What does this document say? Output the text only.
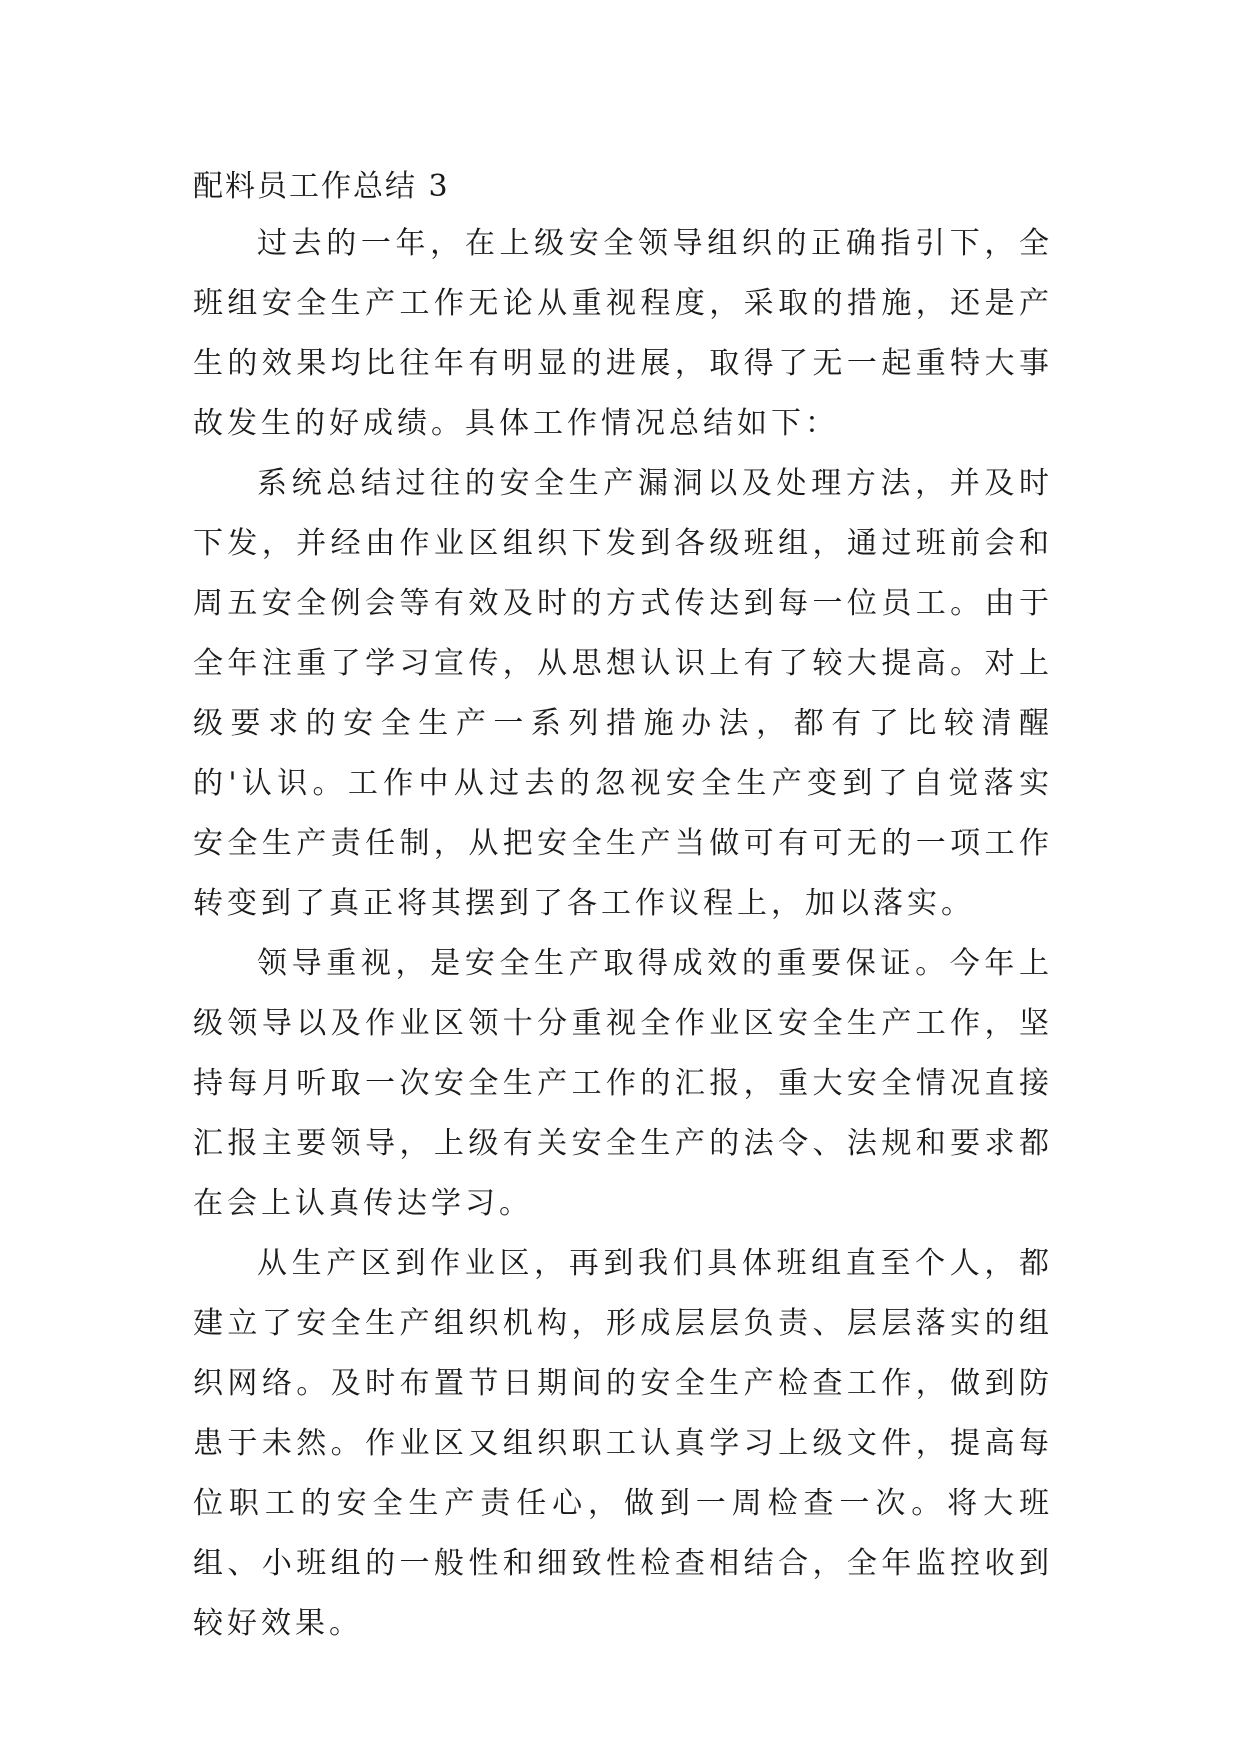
配料员工作总结 3

过去的一年，在上级安全领导组织的正确指引下，全班组安全生产工作无论从重视程度，采取的措施，还是产生的效果均比往年有明显的进展，取得了无一起重特大事故发生的好成绩。具体工作情况总结如下：

系统总结过往的安全生产漏洞以及处理方法，并及时下发，并经由作业区组织下发到各级班组，通过班前会和周五安全例会等有效及时的方式传达到每一位员工。由于全年注重了学习宣传，从思想认识上有了较大提高。对上级要求的安全生产一系列措施办法，都有了比较清醒的'认识。工作中从过去的忽视安全生产变到了自觉落实安全生产责任制，从把安全生产当做可有可无的一项工作转变到了真正将其摆到了各工作议程上，加以落实。

领导重视，是安全生产取得成效的重要保证。今年上级领导以及作业区领十分重视全作业区安全生产工作，坚持每月听取一次安全生产工作的汇报，重大安全情况直接汇报主要领导，上级有关安全生产的法令、法规和要求都在会上认真传达学习。

从生产区到作业区，再到我们具体班组直至个人，都建立了安全生产组织机构，形成层层负责、层层落实的组织网络。及时布置节日期间的安全生产检查工作，做到防患于未然。作业区又组织职工认真学习上级文件，提高每位职工的安全生产责任心，做到一周检查一次。将大班组、小班组的一般性和细致性检查相结合，全年监控收到较好效果。
